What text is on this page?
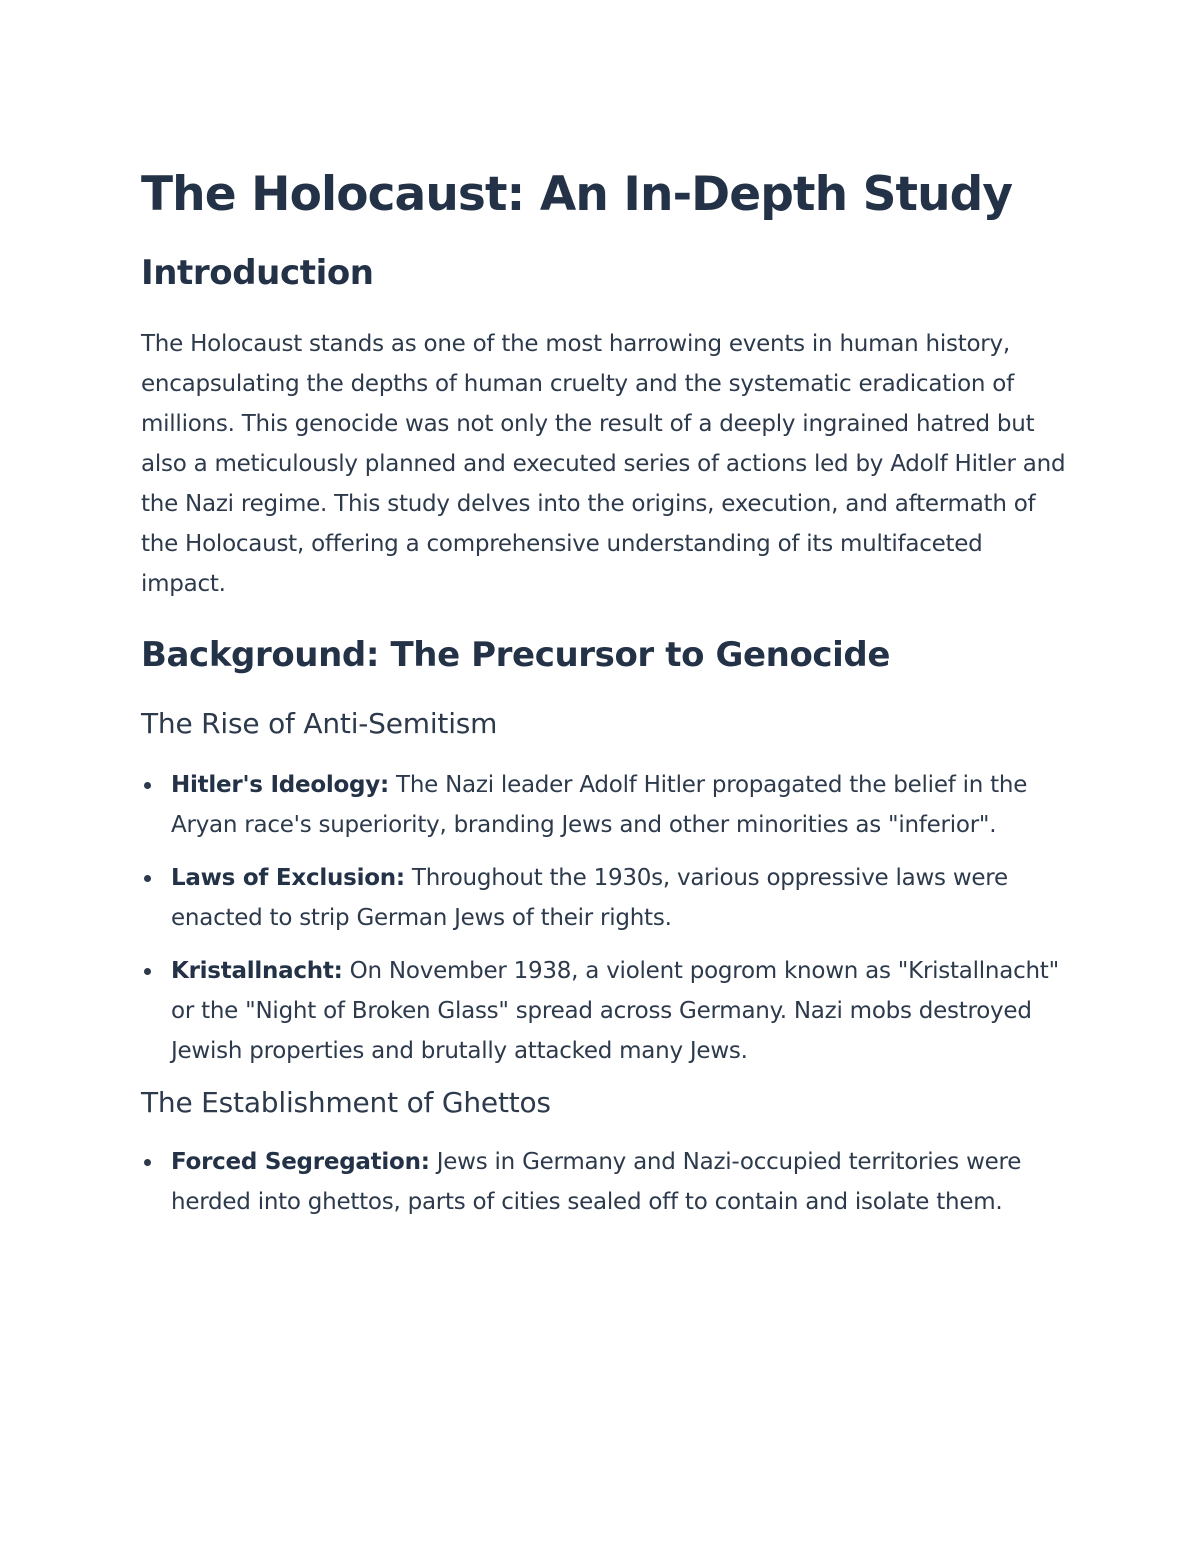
The Holocaust: An In-Depth Study
Introduction

The Holocaust stands as one of the most harrowing events in human history, encapsulating the depths of human cruelty and the systematic eradication of millions. This genocide was not only the result of a deeply ingrained hatred but also a meticulously planned and executed series of actions led by Adolf Hitler and the Nazi regime. This study delves into the origins, execution, and aftermath of the Holocaust, offering a comprehensive understanding of its multifaceted impact.

Background: The Precursor to Genocide
The Rise of Anti-Semitism
Hitler's Ideology: The Nazi leader Adolf Hitler propagated the belief in the Aryan race's superiority, branding Jews and other minorities as "inferior".
Laws of Exclusion: Throughout the 1930s, various oppressive laws were enacted to strip German Jews of their rights.
Kristallnacht: On November 1938, a violent pogrom known as "Kristallnacht" or the "Night of Broken Glass" spread across Germany. Nazi mobs destroyed Jewish properties and brutally attacked many Jews.
The Establishment of Ghettos
Forced Segregation: Jews in Germany and Nazi-occupied territories were herded into ghettos, parts of cities sealed off to contain and isolate them.
